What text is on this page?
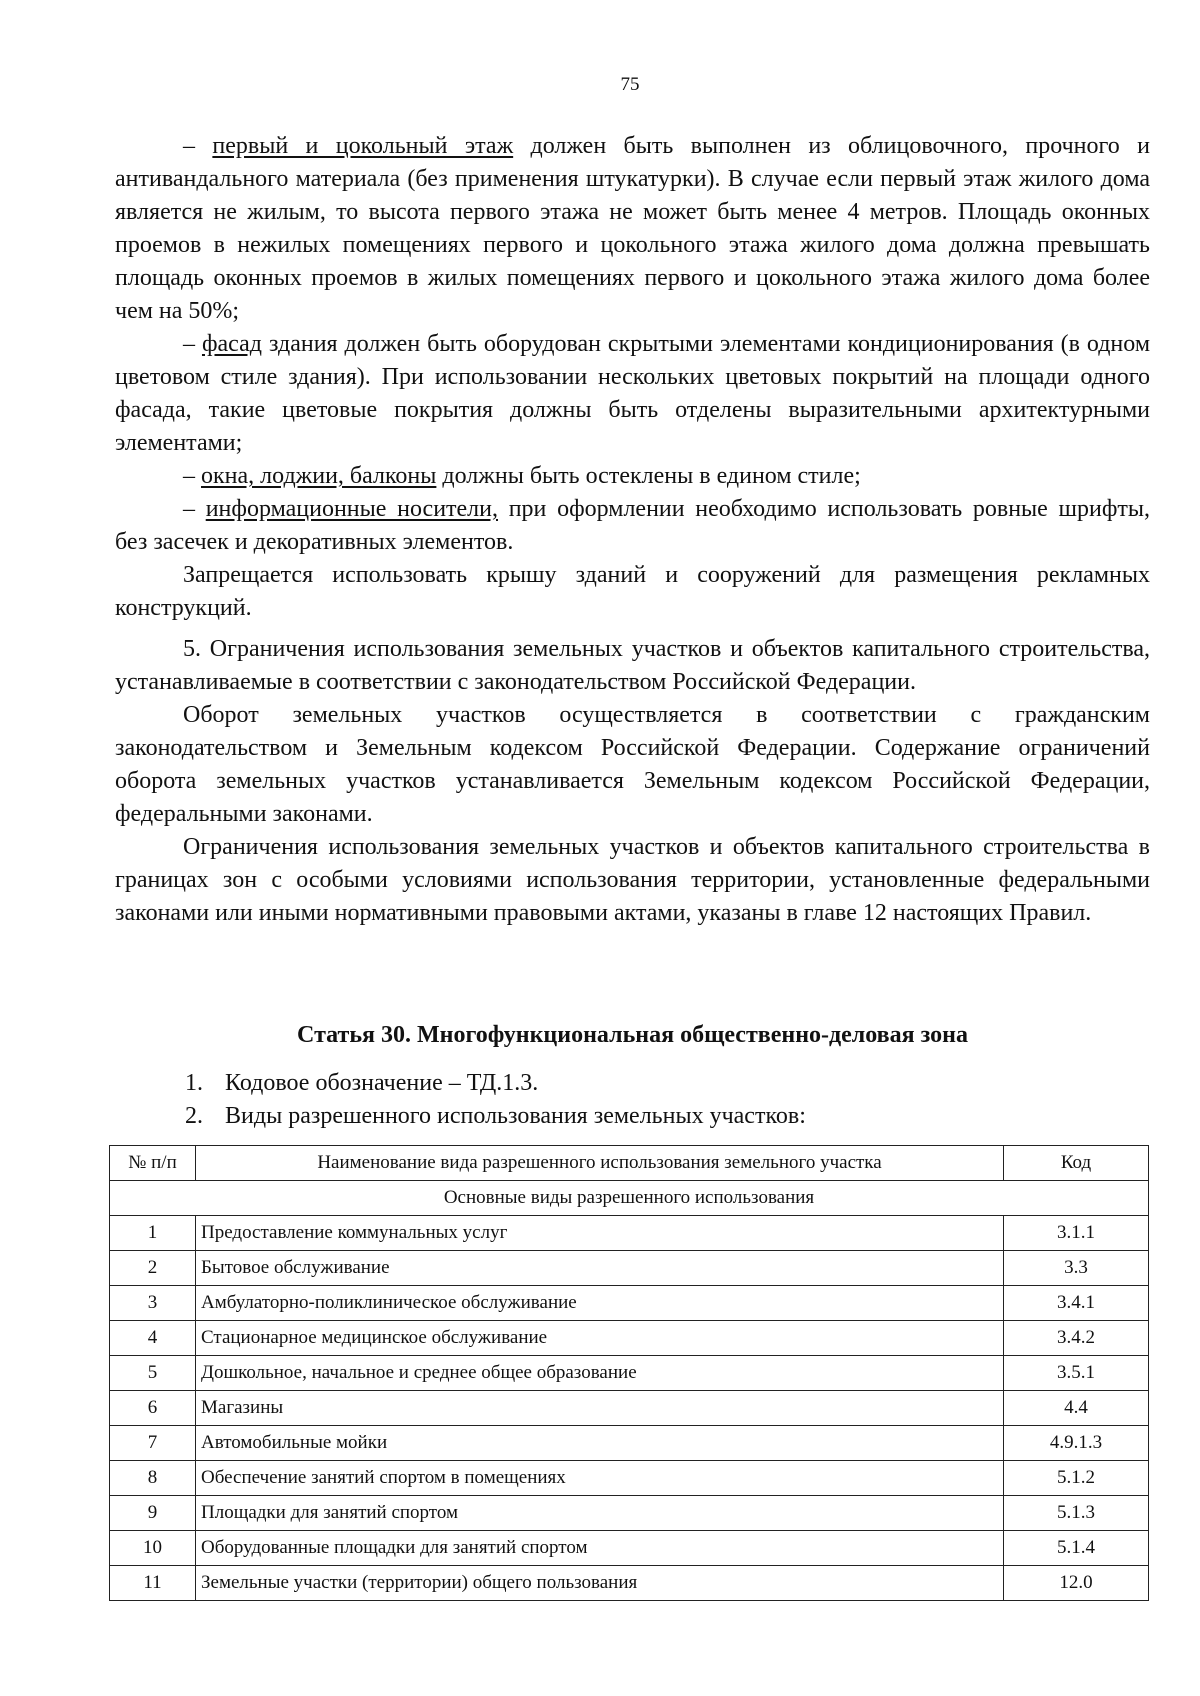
75

– первый и цокольный этаж должен быть выполнен из облицовочного, прочного и антивандального материала (без применения штукатурки). В случае если первый этаж жилого дома является не жилым, то высота первого этажа не может быть менее 4 метров. Площадь оконных проемов в нежилых помещениях первого и цокольного этажа жилого дома должна превышать площадь оконных проемов в жилых помещениях первого и цокольного этажа жилого дома более чем на 50%;

– фасад здания должен быть оборудован скрытыми элементами кондиционирования (в одном цветовом стиле здания). При использовании нескольких цветовых покрытий на площади одного фасада, такие цветовые покрытия должны быть отделены выразительными архитектурными элементами;

– окна, лоджии, балконы должны быть остеклены в едином стиле;

– информационные носители, при оформлении необходимо использовать ровные шрифты, без засечек и декоративных элементов.

Запрещается использовать крышу зданий и сооружений для размещения рекламных конструкций.

5. Ограничения использования земельных участков и объектов капитального строительства, устанавливаемые в соответствии с законодательством Российской Федерации.

Оборот земельных участков осуществляется в соответствии с гражданским законодательством и Земельным кодексом Российской Федерации. Содержание ограничений оборота земельных участков устанавливается Земельным кодексом Российской Федерации, федеральными законами.

Ограничения использования земельных участков и объектов капитального строительства в границах зон с особыми условиями использования территории, установленные федеральными законами или иными нормативными правовыми актами, указаны в главе 12 настоящих Правил.

Статья 30. Многофункциональная общественно-деловая зона
1. Кодовое обозначение – ТД.1.3.
2. Виды разрешенного использования земельных участков:
№ п/п	Наименование вида разрешенного использования земельного участка	Код
Основные виды разрешенного использования		
1	Предоставление коммунальных услуг	3.1.1
2	Бытовое обслуживание	3.3
3	Амбулаторно-поликлиническое обслуживание	3.4.1
4	Стационарное медицинское обслуживание	3.4.2
5	Дошкольное, начальное и среднее общее образование	3.5.1
6	Магазины	4.4
7	Автомобильные мойки	4.9.1.3
8	Обеспечение занятий спортом в помещениях	5.1.2
9	Площадки для занятий спортом	5.1.3
10	Оборудованные площадки для занятий спортом	5.1.4
11	Земельные участки (территории) общего пользования	12.0
